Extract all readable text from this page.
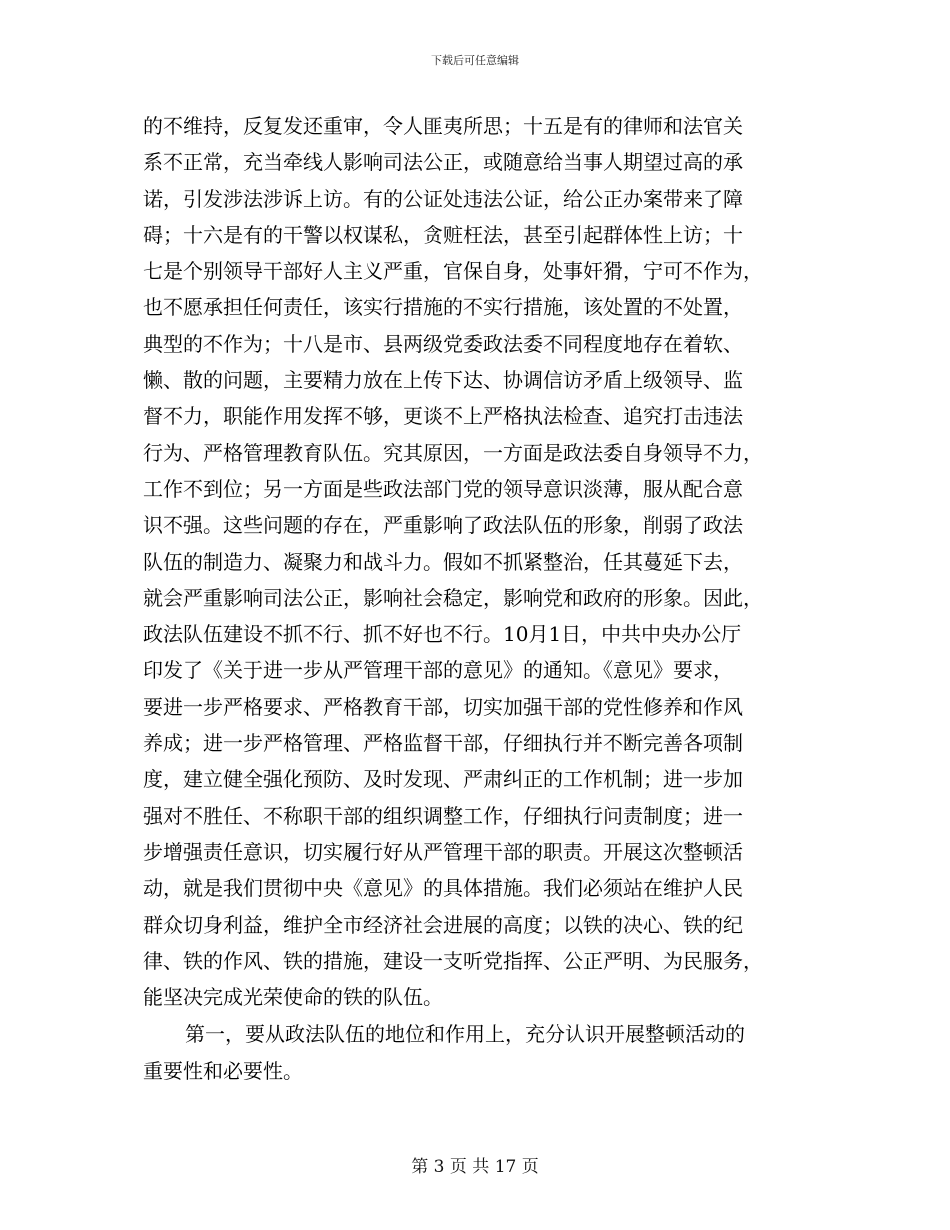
下载后可任意编辑
的不维持，反复发还重审，令人匪夷所思；十五是有的律师和法官关
系不正常，充当牵线人影响司法公正，或随意给当事人期望过高的承
诺，引发涉法涉诉上访。有的公证处违法公证，给公正办案带来了障
碍；十六是有的干警以权谋私，贪赃枉法，甚至引起群体性上访；十
七是个别领导干部好人主义严重，官保自身，处事奸猾，宁可不作为，
也不愿承担任何责任，该实行措施的不实行措施，该处置的不处置，
典型的不作为；十八是市、县两级党委政法委不同程度地存在着软、
懒、散的问题，主要精力放在上传下达、协调信访矛盾上级领导、监
督不力，职能作用发挥不够，更谈不上严格执法检查、追究打击违法
行为、严格管理教育队伍。究其原因，一方面是政法委自身领导不力，
工作不到位；另一方面是些政法部门党的领导意识淡薄，服从配合意
识不强。这些问题的存在，严重影响了政法队伍的形象，削弱了政法
队伍的制造力、凝聚力和战斗力。假如不抓紧整治，任其蔓延下去，
就会严重影响司法公正，影响社会稳定，影响党和政府的形象。因此，
政法队伍建设不抓不行、抓不好也不行。10月1日，中共中央办公厅
印发了《关于进一步从严管理干部的意见》的通知。《意见》要求，
要进一步严格要求、严格教育干部，切实加强干部的党性修养和作风
养成；进一步严格管理、严格监督干部，仔细执行并不断完善各项制
度，建立健全强化预防、及时发现、严肃纠正的工作机制；进一步加
强对不胜任、不称职干部的组织调整工作，仔细执行问责制度；进一
步增强责任意识，切实履行好从严管理干部的职责。开展这次整顿活
动，就是我们贯彻中央《意见》的具体措施。我们必须站在维护人民
群众切身利益，维护全市经济社会进展的高度；以铁的决心、铁的纪
律、铁的作风、铁的措施，建设一支听党指挥、公正严明、为民服务，
能坚决完成光荣使命的铁的队伍。
第一，要从政法队伍的地位和作用上，充分认识开展整顿活动的
重要性和必要性。
第 3 页 共 17 页
